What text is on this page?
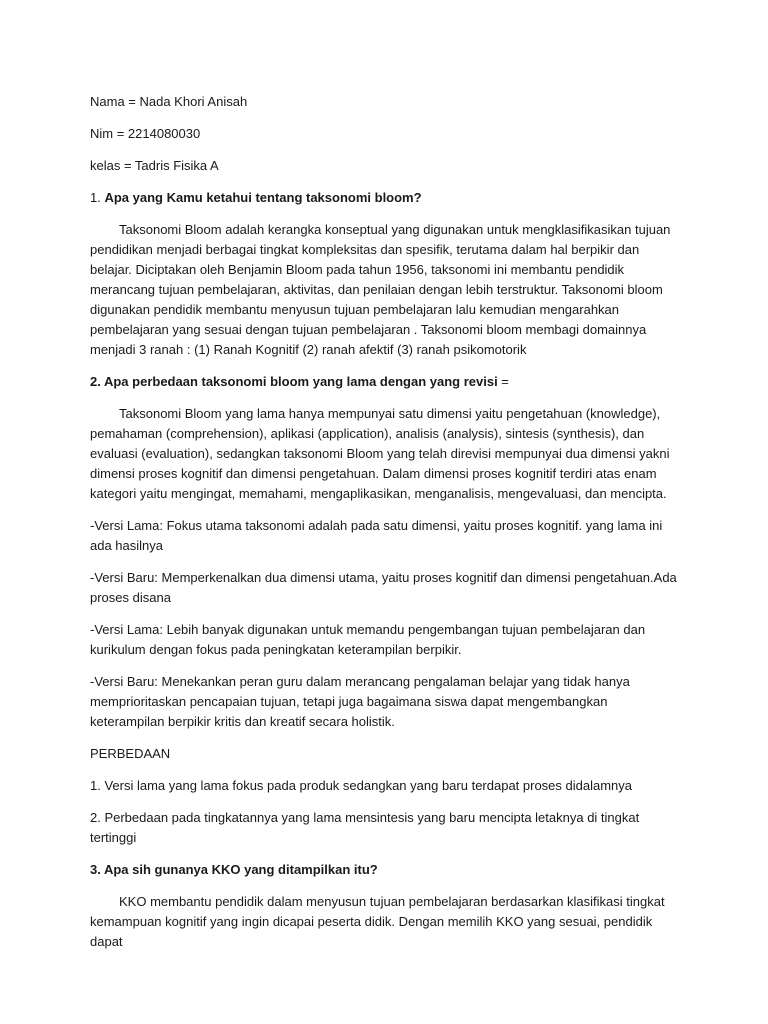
Nama = Nada Khori Anisah

Nim = 2214080030

kelas = Tadris Fisika A

1. Apa yang Kamu ketahui tentang taksonomi bloom?

Taksonomi Bloom adalah kerangka konseptual yang digunakan untuk mengklasifikasikan tujuan pendidikan menjadi berbagai tingkat kompleksitas dan spesifik, terutama dalam hal berpikir dan belajar. Diciptakan oleh Benjamin Bloom pada tahun 1956, taksonomi ini membantu pendidik merancang tujuan pembelajaran, aktivitas, dan penilaian dengan lebih terstruktur. Taksonomi bloom digunakan pendidik membantu menyusun tujuan pembelajaran lalu kemudian mengarahkan pembelajaran yang sesuai dengan tujuan pembelajaran . Taksonomi bloom membagi domainnya menjadi 3 ranah : (1) Ranah Kognitif (2) ranah afektif (3) ranah psikomotorik

2. Apa perbedaan taksonomi bloom yang lama dengan yang revisi =

Taksonomi Bloom yang lama hanya mempunyai satu dimensi yaitu pengetahuan (knowledge), pemahaman (comprehension), aplikasi (application), analisis (analysis), sintesis (synthesis), dan evaluasi (evaluation), sedangkan taksonomi Bloom yang telah direvisi mempunyai dua dimensi yakni dimensi proses kognitif dan dimensi pengetahuan. Dalam dimensi proses kognitif terdiri atas enam kategori yaitu mengingat, memahami, mengaplikasikan, menganalisis, mengevaluasi, dan mencipta.

-Versi Lama: Fokus utama taksonomi adalah pada satu dimensi, yaitu proses kognitif. yang lama ini ada hasilnya

-Versi Baru: Memperkenalkan dua dimensi utama, yaitu proses kognitif dan dimensi pengetahuan.Ada proses disana

-Versi Lama: Lebih banyak digunakan untuk memandu pengembangan tujuan pembelajaran dan kurikulum dengan fokus pada peningkatan keterampilan berpikir.

-Versi Baru: Menekankan peran guru dalam merancang pengalaman belajar yang tidak hanya memprioritaskan pencapaian tujuan, tetapi juga bagaimana siswa dapat mengembangkan keterampilan berpikir kritis dan kreatif secara holistik.

PERBEDAAN

1. Versi lama yang lama fokus pada produk sedangkan yang baru terdapat proses didalamnya

2. Perbedaan pada tingkatannya yang lama mensintesis yang baru mencipta letaknya di tingkat tertinggi

3. Apa sih gunanya KKO yang ditampilkan itu?

KKO membantu pendidik dalam menyusun tujuan pembelajaran berdasarkan klasifikasi tingkat kemampuan kognitif yang ingin dicapai peserta didik. Dengan memilih KKO yang sesuai, pendidik dapat
